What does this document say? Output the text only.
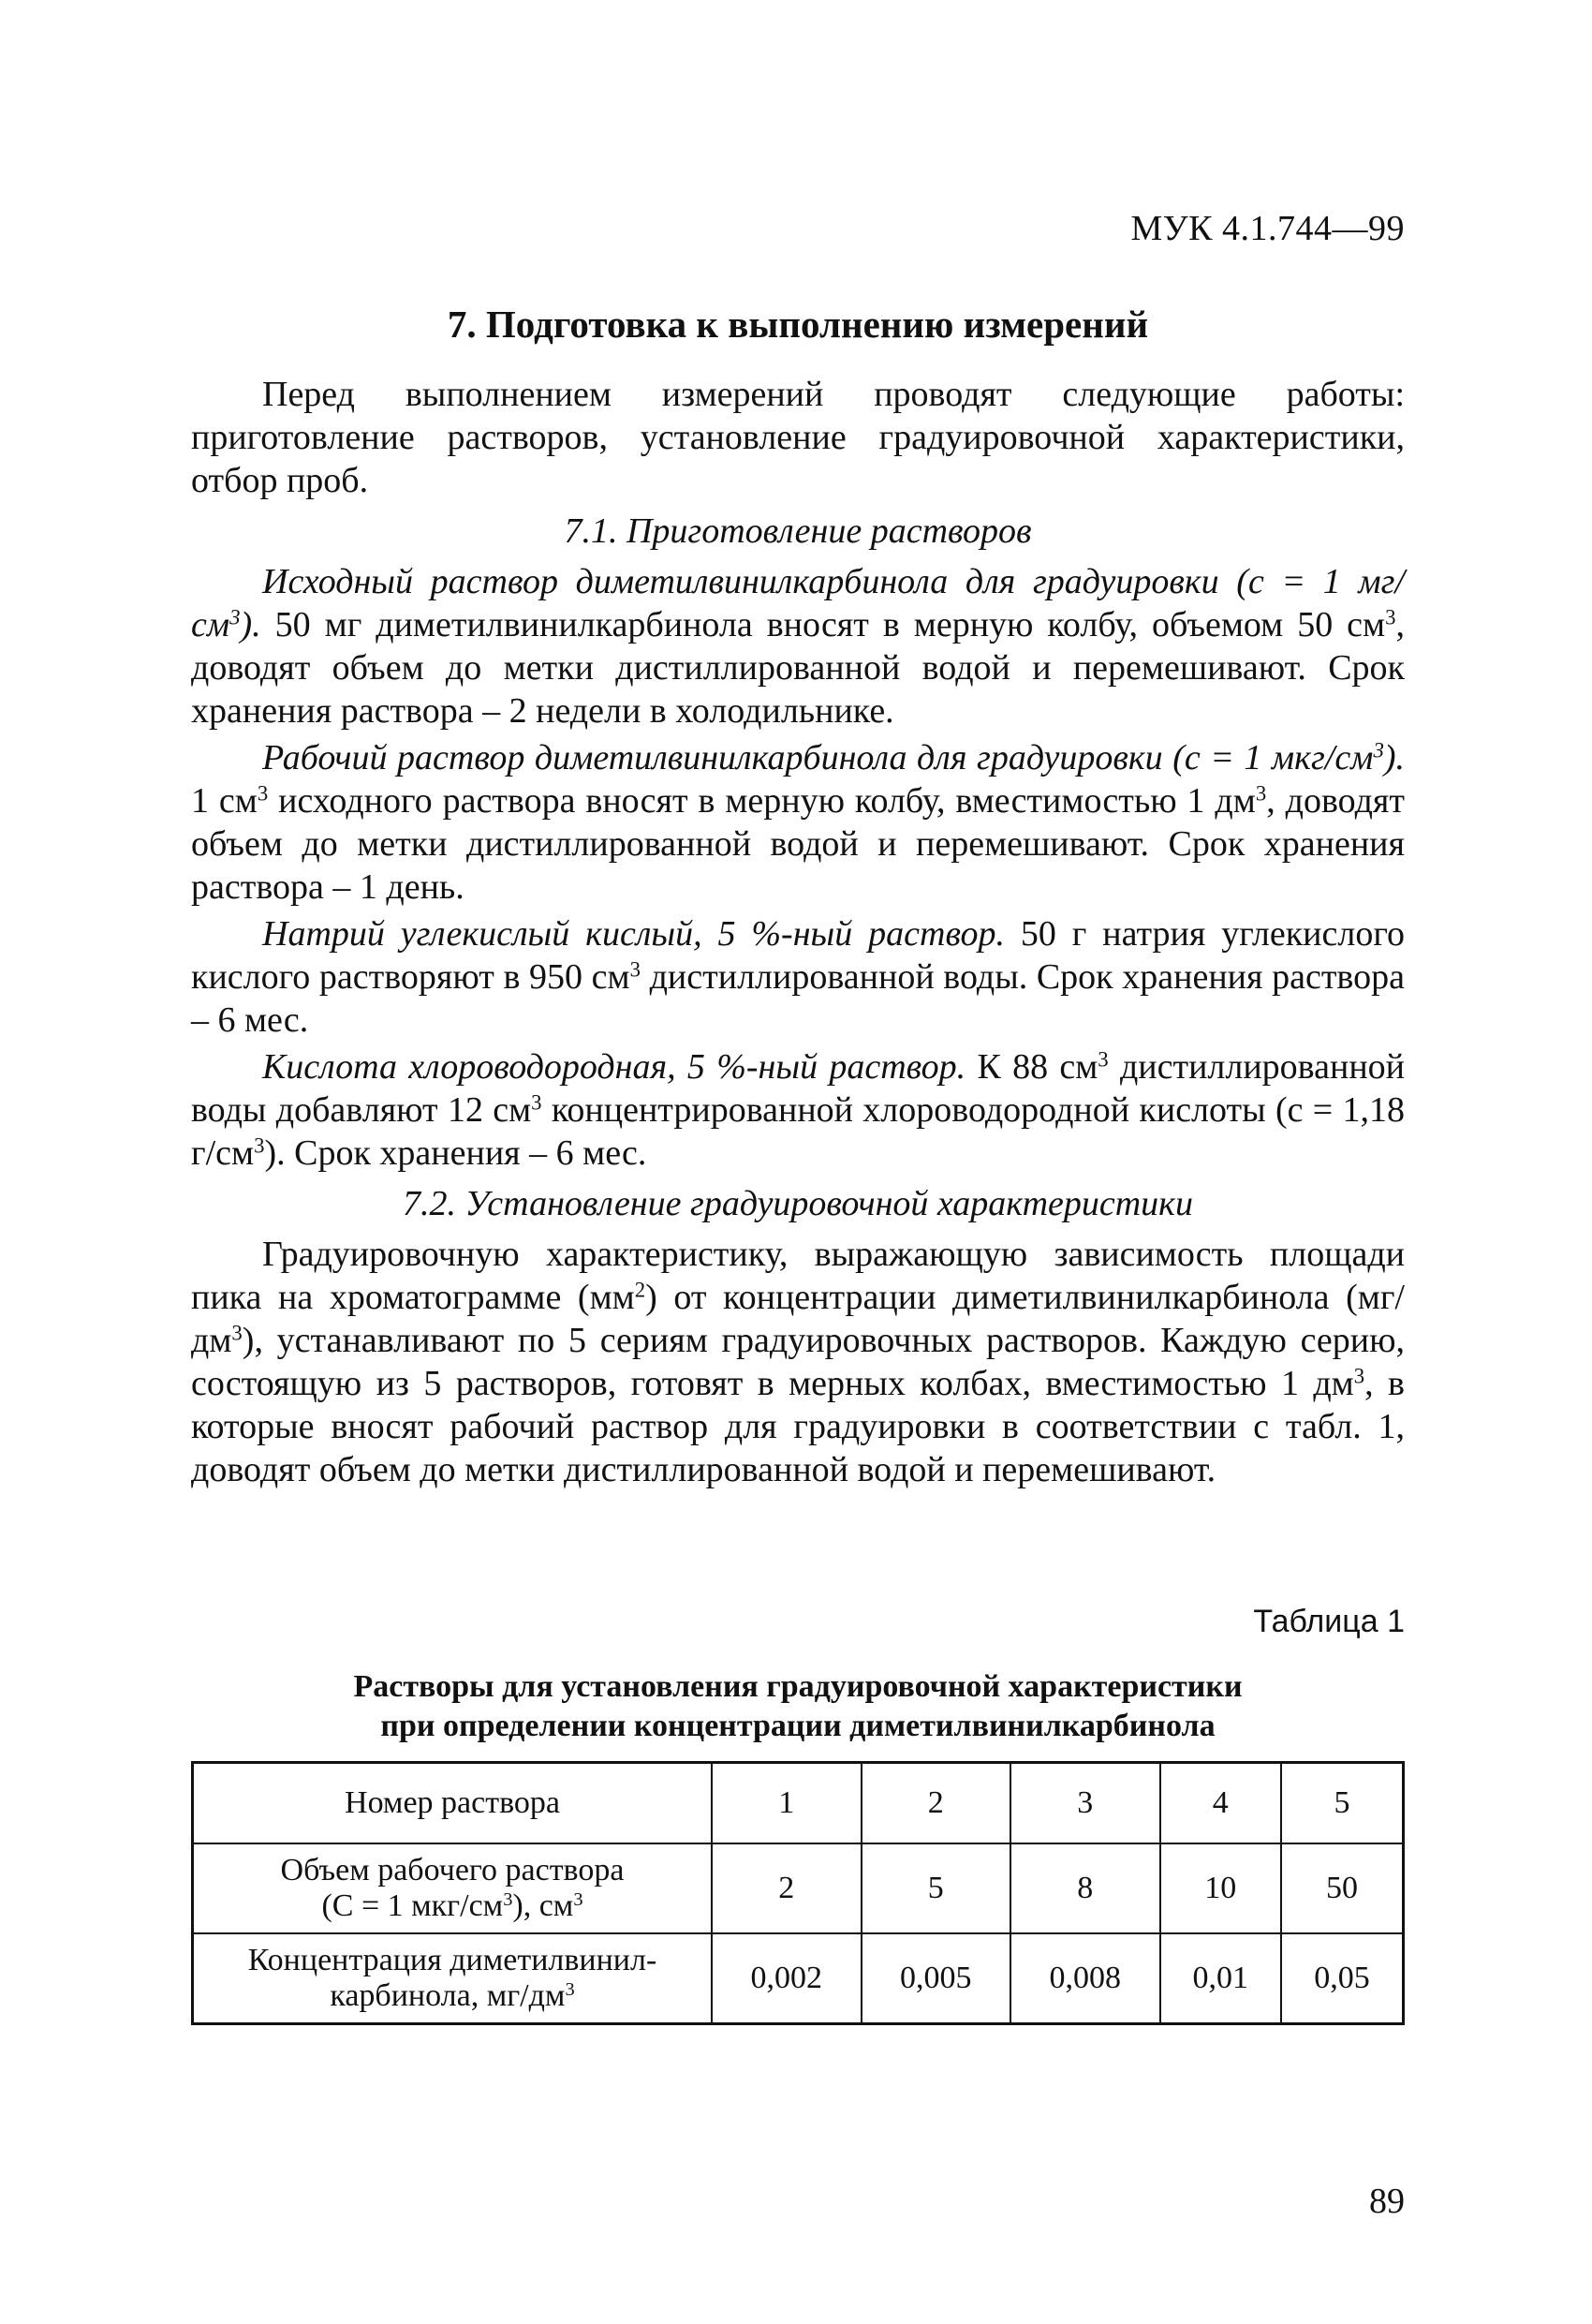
МУК 4.1.744—99
7. Подготовка к выполнению измерений

Перед выполнением измерений проводят следующие работы: приготовление растворов, установление градуировочной характеристики, отбор проб.

7.1. Приготовление растворов

Исходный раствор диметилвинилкарбинола для градуировки (с = 1 $мг/см^3$). 50 мг диметилвинилкарбинола вносят в мерную колбу, объемом 50 $см^3$, доводят объем до метки дистиллированной водой и перемешивают. Срок хранения раствора – 2 недели в холодильнике.

Рабочий раствор диметилвинилкарбинола для градуировки (с = 1 мкг/$см^3$). 1 $см^3$ исходного раствора вносят в мерную колбу, вместимостью 1 $дм^3$, доводят объем до метки дистиллированной водой и перемешивают. Срок хранения раствора – 1 день.

Натрий углекислый кислый, 5 %-ный раствор. 50 г натрия углекислого кислого растворяют в 950 $см^3$ дистиллированной воды. Срок хранения раствора – 6 мес.

Кислота хлороводородная, 5 %-ный раствор. К 88 $см^3$ дистиллированной воды добавляют 12 $см^3$ концентрированной хлороводородной кислоты (с = 1,18 $г/см^3$). Срок хранения – 6 мес.

7.2. Установление градуировочной характеристики

Градуировочную характеристику, выражающую зависимость площади пика на хроматограмме $(мм^2)$ от концентрации диметилвинилкарбинола $(мг/дм^3)$, устанавливают по 5 сериям градуировочных растворов. Каждую серию, состоящую из 5 растворов, готовят в мерных колбах, вместимостью 1 $дм^3$, в которые вносят рабочий раствор для градуировки в соответствии с табл. 1, доводят объем до метки дистиллированной водой и перемешивают.

Таблица 1
Растворы для установления градуировочной характеристики
при определении концентрации диметилвинилкарбинола
Номер раствора	1	2	3	4	5

Объем рабочего раствора
(С = 1 мкг/$см^3$), $см^3$	2	5	8	10	50

Концентрация диметилвинил-
карбинола, $мг/дм^3$	0,002	0,005	0,008	0,01	0,05
89
